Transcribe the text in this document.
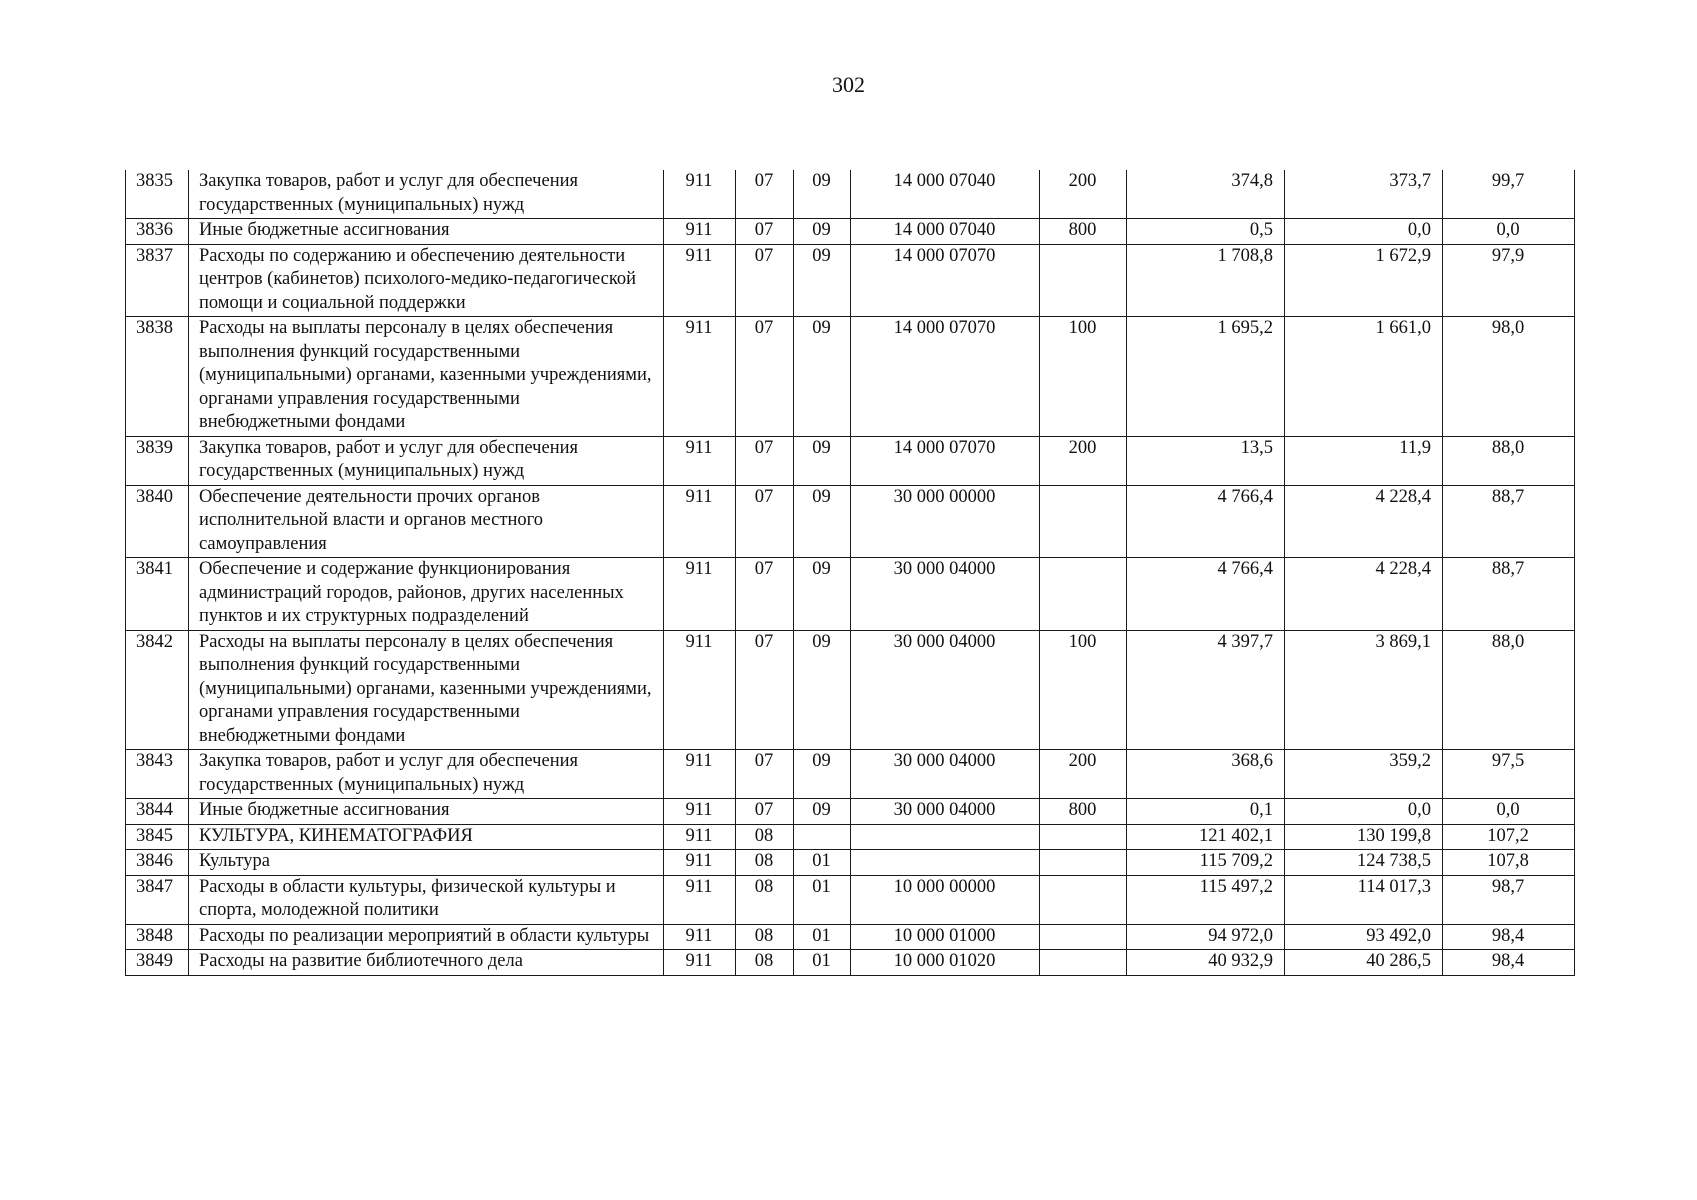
302
3835	Закупка товаров, работ и услуг для обеспечения государственных (муниципальных) нужд	911	07	09	14 000 07040	200	374,8	373,7	99,7
3836	Иные бюджетные ассигнования	911	07	09	14 000 07040	800	0,5	0,0	0,0
3837	Расходы по содержанию и обеспечению деятельности центров (кабинетов) психолого-медико-педагогической помощи и социальной поддержки	911	07	09	14 000 07070		1 708,8	1 672,9	97,9
3838	Расходы на выплаты персоналу в целях обеспечения выполнения функций государственными (муниципальными) органами, казенными учреждениями, органами управления государственными внебюджетными фондами	911	07	09	14 000 07070	100	1 695,2	1 661,0	98,0
3839	Закупка товаров, работ и услуг для обеспечения государственных (муниципальных) нужд	911	07	09	14 000 07070	200	13,5	11,9	88,0
3840	Обеспечение деятельности прочих органов исполнительной власти и органов местного самоуправления	911	07	09	30 000 00000		4 766,4	4 228,4	88,7
3841	Обеспечение и содержание функционирования администраций городов, районов, других населенных пунктов и их структурных подразделений	911	07	09	30 000 04000		4 766,4	4 228,4	88,7
3842	Расходы на выплаты персоналу в целях обеспечения выполнения функций государственными (муниципальными) органами, казенными учреждениями, органами управления государственными внебюджетными фондами	911	07	09	30 000 04000	100	4 397,7	3 869,1	88,0
3843	Закупка товаров, работ и услуг для обеспечения государственных (муниципальных) нужд	911	07	09	30 000 04000	200	368,6	359,2	97,5
3844	Иные бюджетные ассигнования	911	07	09	30 000 04000	800	0,1	0,0	0,0
3845	КУЛЬТУРА, КИНЕМАТОГРАФИЯ	911	08				121 402,1	130 199,8	107,2
3846	Культура	911	08	01			115 709,2	124 738,5	107,8
3847	Расходы в области культуры, физической культуры и спорта, молодежной политики	911	08	01	10 000 00000		115 497,2	114 017,3	98,7
3848	Расходы по реализации мероприятий в области культуры	911	08	01	10 000 01000		94 972,0	93 492,0	98,4
3849	Расходы на развитие библиотечного дела	911	08	01	10 000 01020		40 932,9	40 286,5	98,4
